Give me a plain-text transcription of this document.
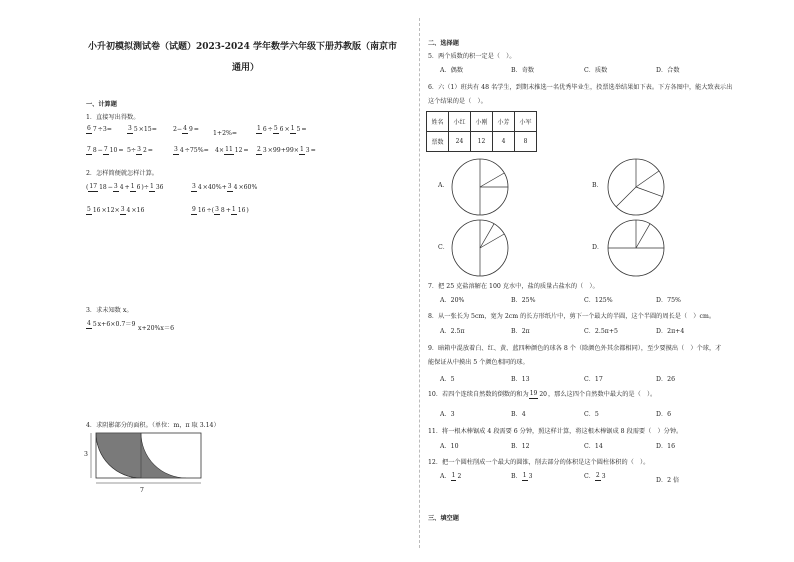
小升初模拟测试卷（试题）2023-2024 学年数学六年级下册苏教版（南京市
通用）
一、计算题
1．直接写出得数。
6 7 ÷3=	3 5 ×15=	2− 4 9 =
1+2%=
1 6 ÷ 5 6 × 1 5 =
7 8 − 7 10 = 5÷ 3 2 =	3 4 ÷75%= 4× 11 12 = 2 3 ×99+99× 1 3 =
2．怎样简便就怎样计算。
( 17 18 − 3 4 + 1 6 )÷ 1 36	3 4 ×40%+ 3 4 ×60%
5 16 ×12× 3 4 ×16	9 16 ÷( 3 8 + 1 16 )
3．求未知数 x。
4 5 x+6×0.7＝9
x+20%x＝6
4．求阴影部分的面积。（单位：m，π 取 3.14）
3
7
二、选择题
5．两个质数的积一定是（　）。
A．偶数	B．奇数	C．质数	D．合数
6．六（1）班共有 48 名学生，到期末推选一名优秀毕业生，投票选举结果如下表。下方各图中，能大致表示出
这个结果的是（　）。
姓名	小红	小刚	小芳	小军
票数	24	12	4	8
A．	B．
C．	D．
7．把 25 克盐溶解在 100 克水中，盐的质量占盐水的（　）。
A．20%	B．25%	C．125%	D．75%
8．从一张长为 5cm，宽为 2cm 的长方形纸片中，剪下一个最大的半圆，这个半圆的周长是（　）cm。
A．2.5π	B．2π	C．2.5π+5	D．2π+4
9．暗箱中混放着白、红、黄、蓝四种颜色的球各 8 个（除颜色外其余都相同），至少要摸出（　）个球，才
能保证从中摸出 5 个颜色相同的球。
A．5	B．13	C．17	D．26
10．若四个连续自然数的倒数的和为 19 20 ，那么这四个自然数中最大的是（　）。
A．3	B．4	C．5	D．6
11．将一根木棒锯成 4 段需要 6 分钟，照这样计算，将这根木棒锯成 8 段需要（　）分钟。
A．10	B．12	C．14	D．16
12．把一个圆柱削成一个最大的圆锥，削去部分的体积是这个圆柱体积的（　）。
A． 1 2	B． 1 3	C． 2 3
D．2 倍
三、填空题
